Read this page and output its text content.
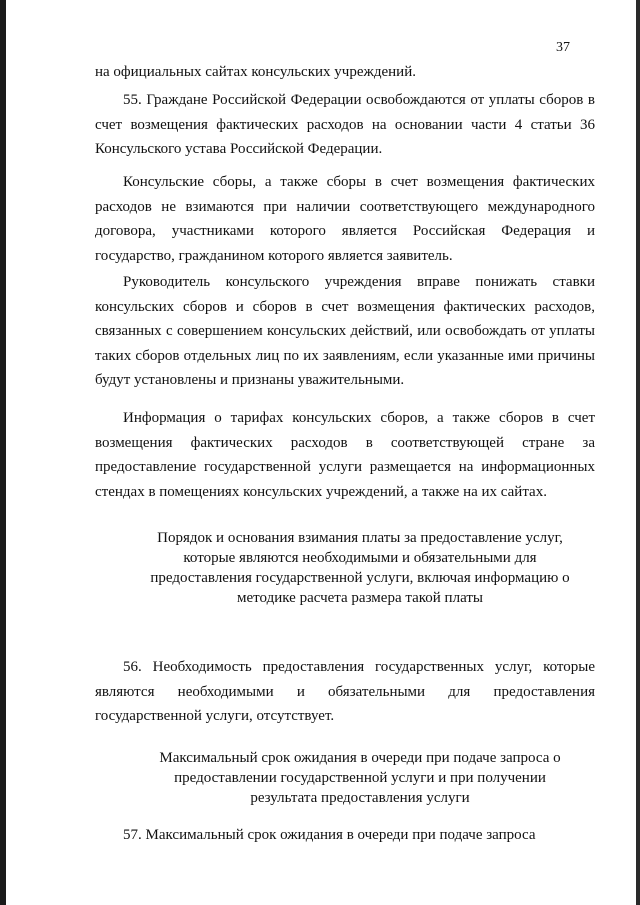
37

на официальных сайтах консульских учреждений.

55. Граждане Российской Федерации освобождаются от уплаты сборов в счет возмещения фактических расходов на основании части 4 статьи 36 Консульского устава Российской Федерации.

Консульские сборы, а также сборы в счет возмещения фактических расходов не взимаются при наличии соответствующего международного договора, участниками которого является Российская Федерация и государство, гражданином которого является заявитель.

Руководитель консульского учреждения вправе понижать ставки консульских сборов и сборов в счет возмещения фактических расходов, связанных с совершением консульских действий, или освобождать от уплаты таких сборов отдельных лиц по их заявлениям, если указанные ими причины будут установлены и признаны уважительными.

Информация о тарифах консульских сборов, а также сборов в счет возмещения фактических расходов в соответствующей стране за предоставление государственной услуги размещается на информационных стендах в помещениях консульских учреждений, а также на их сайтах.

Порядок и основания взимания платы за предоставление услуг, которые являются необходимыми и обязательными для предоставления государственной услуги, включая информацию о методике расчета размера такой платы

56. Необходимость предоставления государственных услуг, которые являются необходимыми и обязательными для предоставления государственной услуги, отсутствует.

Максимальный срок ожидания в очереди при подаче запроса о предоставлении государственной услуги и при получении результата предоставления услуги

57. Максимальный срок ожидания в очереди при подаче запроса
